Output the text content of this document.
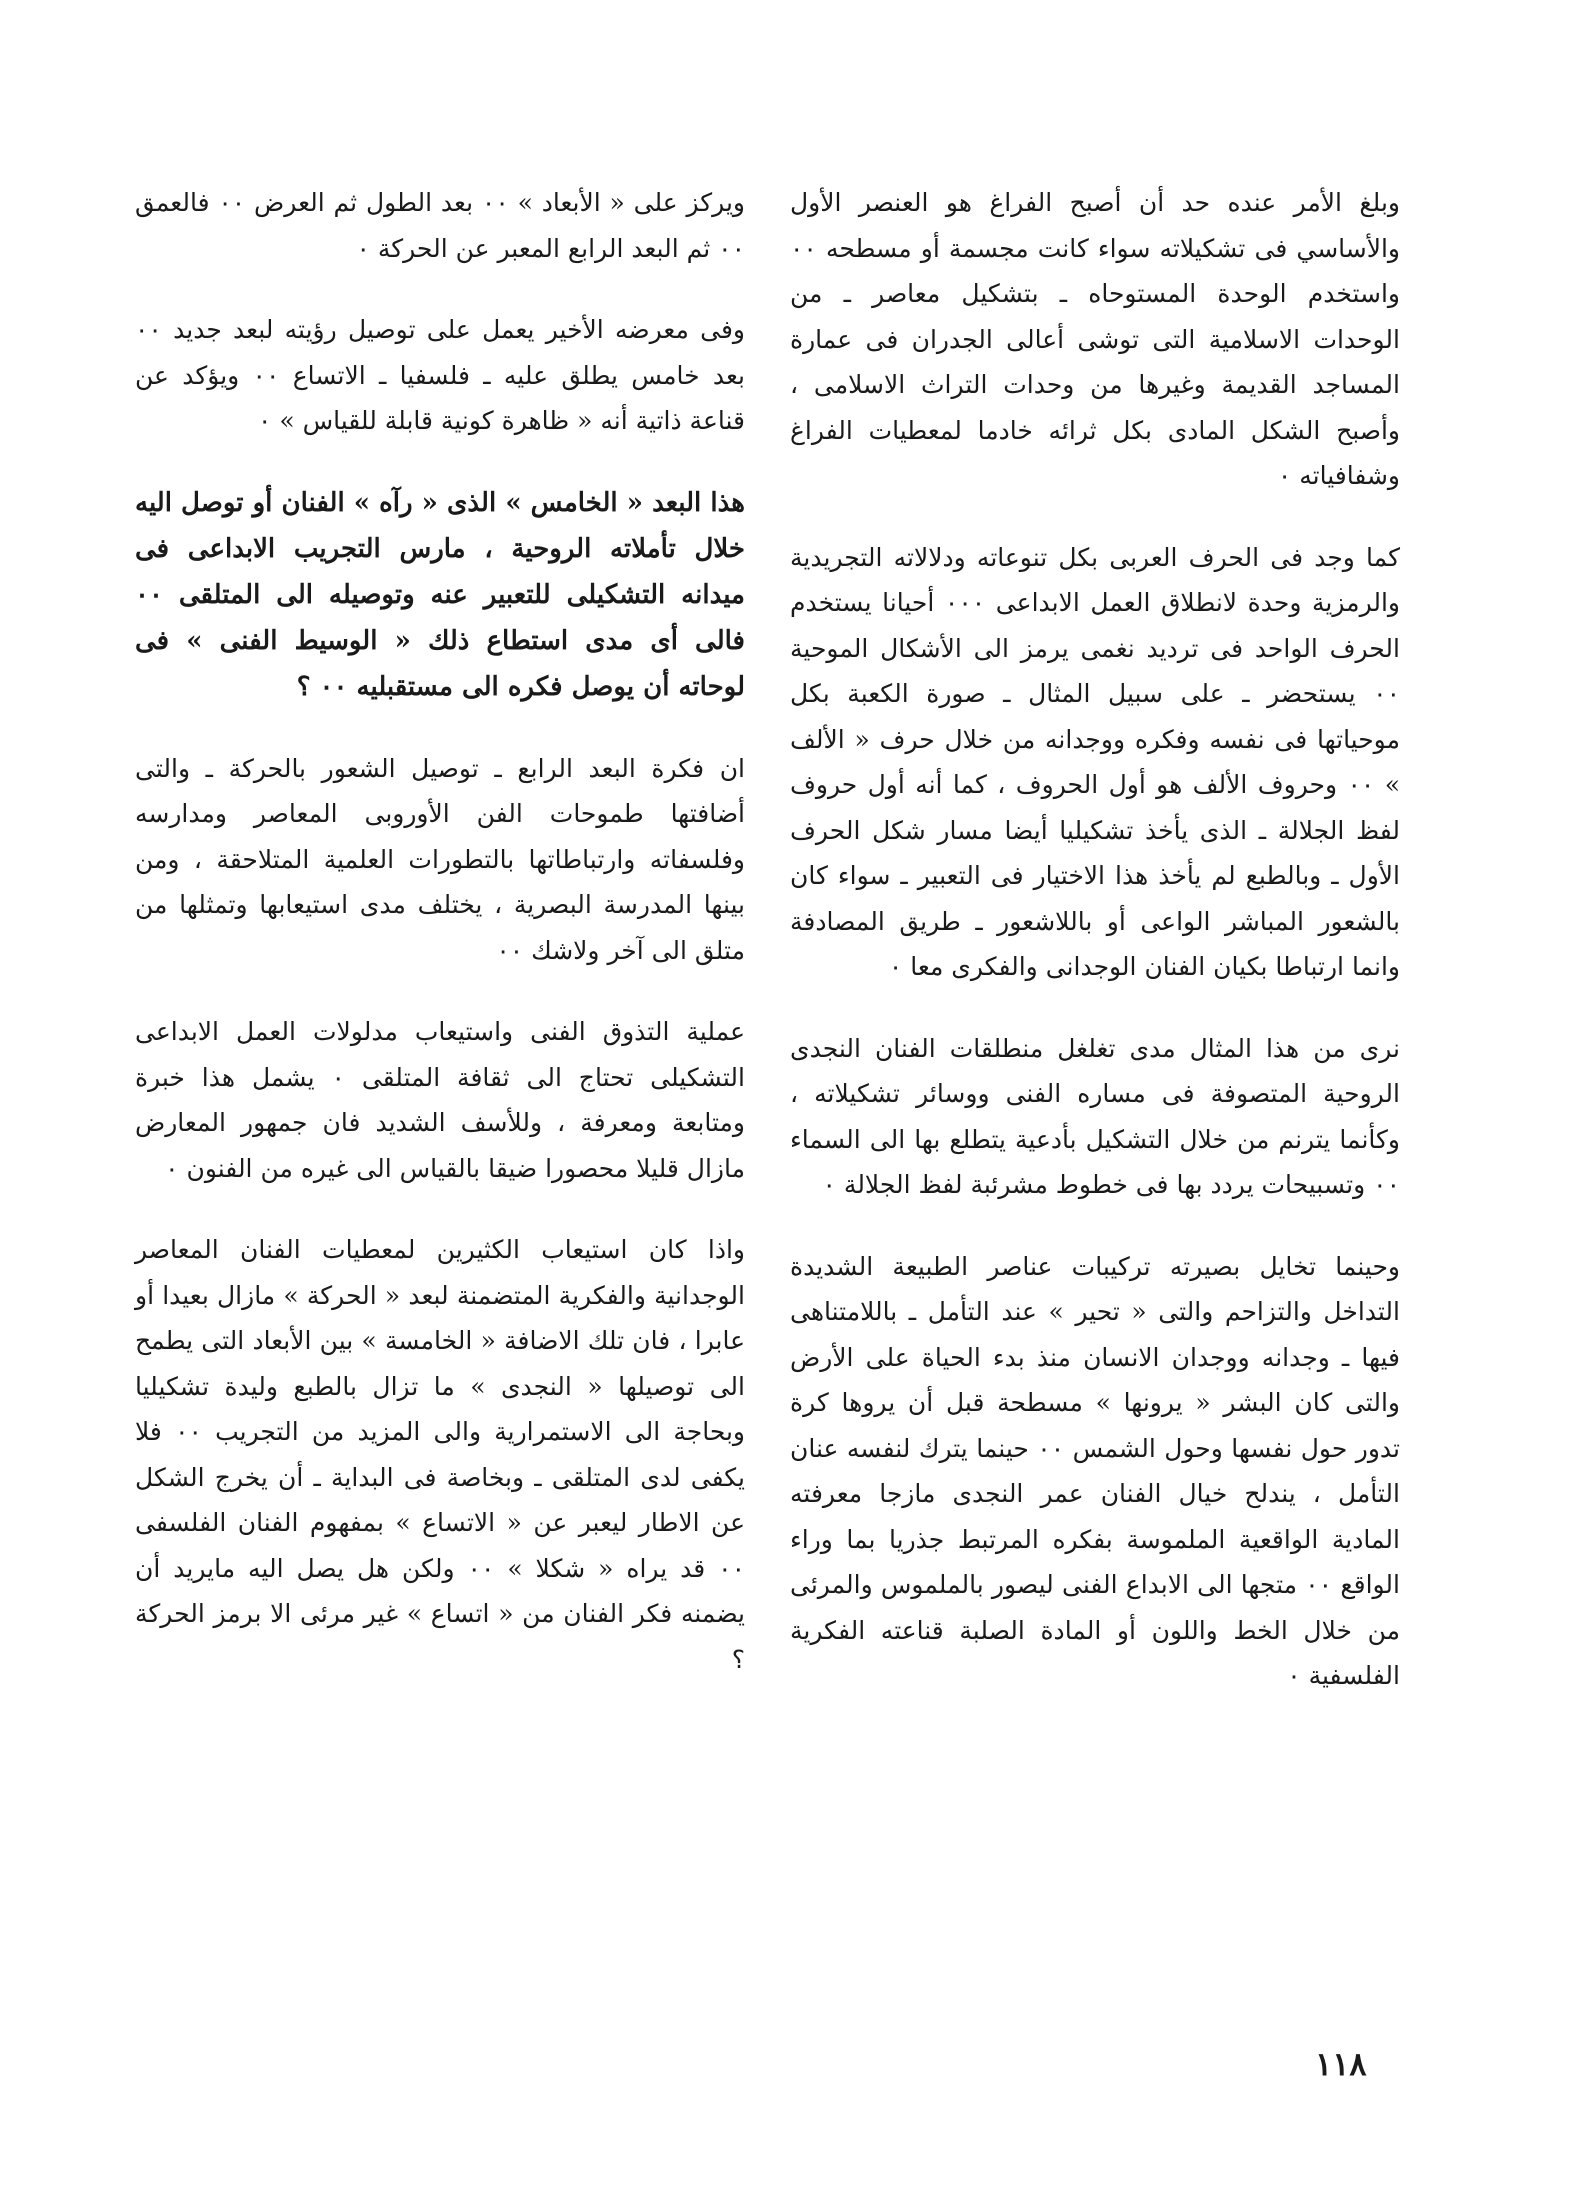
وبلغ الأمر عنده حد أن أصبح الفراغ هو العنصر الأول والأساسي فى تشكيلاته سواء كانت مجسمة أو مسطحه ٠٠ واستخدم الوحدة المستوحاه ـ بتشكيل معاصر ـ من الوحدات الاسلامية التى توشى أعالى الجدران فى عمارة المساجد القديمة وغيرها من وحدات التراث الاسلامى ، وأصبح الشكل المادى بكل ثرائه خادما لمعطيات الفراغ وشفافياته ٠

كما وجد فى الحرف العربى بكل تنوعاته ودلالاته التجريدية والرمزية وحدة لانطلاق العمل الابداعى ٠٠٠ أحيانا يستخدم الحرف الواحد فى ترديد نغمى يرمز الى الأشكال الموحية ٠٠ يستحضر ـ على سبيل المثال ـ صورة الكعبة بكل موحياتها فى نفسه وفكره ووجدانه من خلال حرف « الألف » ٠٠ وحروف الألف هو أول الحروف ، كما أنه أول حروف لفظ الجلالة ـ الذى يأخذ تشكيليا أيضا مسار شكل الحرف الأول ـ وبالطبع لم يأخذ هذا الاختيار فى التعبير ـ سواء كان بالشعور المباشر الواعى أو باللاشعور ـ طريق المصادفة وانما ارتباطا بكيان الفنان الوجدانى والفكرى معا ٠

نرى من هذا المثال مدى تغلغل منطلقات الفنان النجدى الروحية المتصوفة فى مساره الفنى ووسائر تشكيلاته ، وكأنما يترنم من خلال التشكيل بأدعية يتطلع بها الى السماء ٠٠ وتسبيحات يردد بها فى خطوط مشرئبة لفظ الجلالة ٠

وحينما تخايل بصيرته تركيبات عناصر الطبيعة الشديدة التداخل والتزاحم والتى « تحير » عند التأمل ـ باللامتناهى فيها ـ وجدانه ووجدان الانسان منذ بدء الحياة على الأرض والتى كان البشر « يرونها » مسطحة قبل أن يروها كرة تدور حول نفسها وحول الشمس ٠٠ حينما يترك لنفسه عنان التأمل ، يندلح خيال الفنان عمر النجدى مازجا معرفته المادية الواقعية الملموسة بفكره المرتبط جذريا بما وراء الواقع ٠٠ متجها الى الابداع الفنى ليصور بالملموس والمرئى من خلال الخط واللون أو المادة الصلبة قناعته الفكرية الفلسفية ٠

ويركز على « الأبعاد » ٠٠ بعد الطول ثم العرض ٠٠ فالعمق ٠٠ ثم البعد الرابع المعبر عن الحركة ٠

وفى معرضه الأخير يعمل على توصيل رؤيته لبعد جديد ٠٠ بعد خامس يطلق عليه ـ فلسفيا ـ الاتساع ٠٠ ويؤكد عن قناعة ذاتية أنه « ظاهرة كونية قابلة للقياس » ٠

هذا البعد « الخامس » الذى « رآه » الفنان أو توصل اليه خلال تأملاته الروحية ، مارس التجريب الابداعى فى ميدانه التشكيلى للتعبير عنه وتوصيله الى المتلقى ٠٠ فالى أى مدى استطاع ذلك « الوسيط الفنى » فى لوحاته أن يوصل فكره الى مستقبليه ٠٠ ؟

ان فكرة البعد الرابع ـ توصيل الشعور بالحركة ـ والتى أضافتها طموحات الفن الأوروبى المعاصر ومدارسه وفلسفاته وارتباطاتها بالتطورات العلمية المتلاحقة ، ومن بينها المدرسة البصرية ، يختلف مدى استيعابها وتمثلها من متلق الى آخر ولاشك ٠٠

عملية التذوق الفنى واستيعاب مدلولات العمل الابداعى التشكيلى تحتاج الى ثقافة المتلقى ٠ يشمل هذا خبرة ومتابعة ومعرفة ، وللأسف الشديد فان جمهور المعارض مازال قليلا محصورا ضيقا بالقياس الى غيره من الفنون ٠

واذا كان استيعاب الكثيرين لمعطيات الفنان المعاصر الوجدانية والفكرية المتضمنة لبعد « الحركة » مازال بعيدا أو عابرا ، فان تلك الاضافة « الخامسة » بين الأبعاد التى يطمح الى توصيلها « النجدى » ما تزال بالطبع وليدة تشكيليا وبحاجة الى الاستمرارية والى المزيد من التجريب ٠٠ فلا يكفى لدى المتلقى ـ وبخاصة فى البداية ـ أن يخرج الشكل عن الاطار ليعبر عن « الاتساع » بمفهوم الفنان الفلسفى ٠٠ قد يراه « شكلا » ٠٠ ولكن هل يصل اليه مايريد أن يضمنه فكر الفنان من « اتساع » غير مرئى الا برمز الحركة ؟

١١٨
